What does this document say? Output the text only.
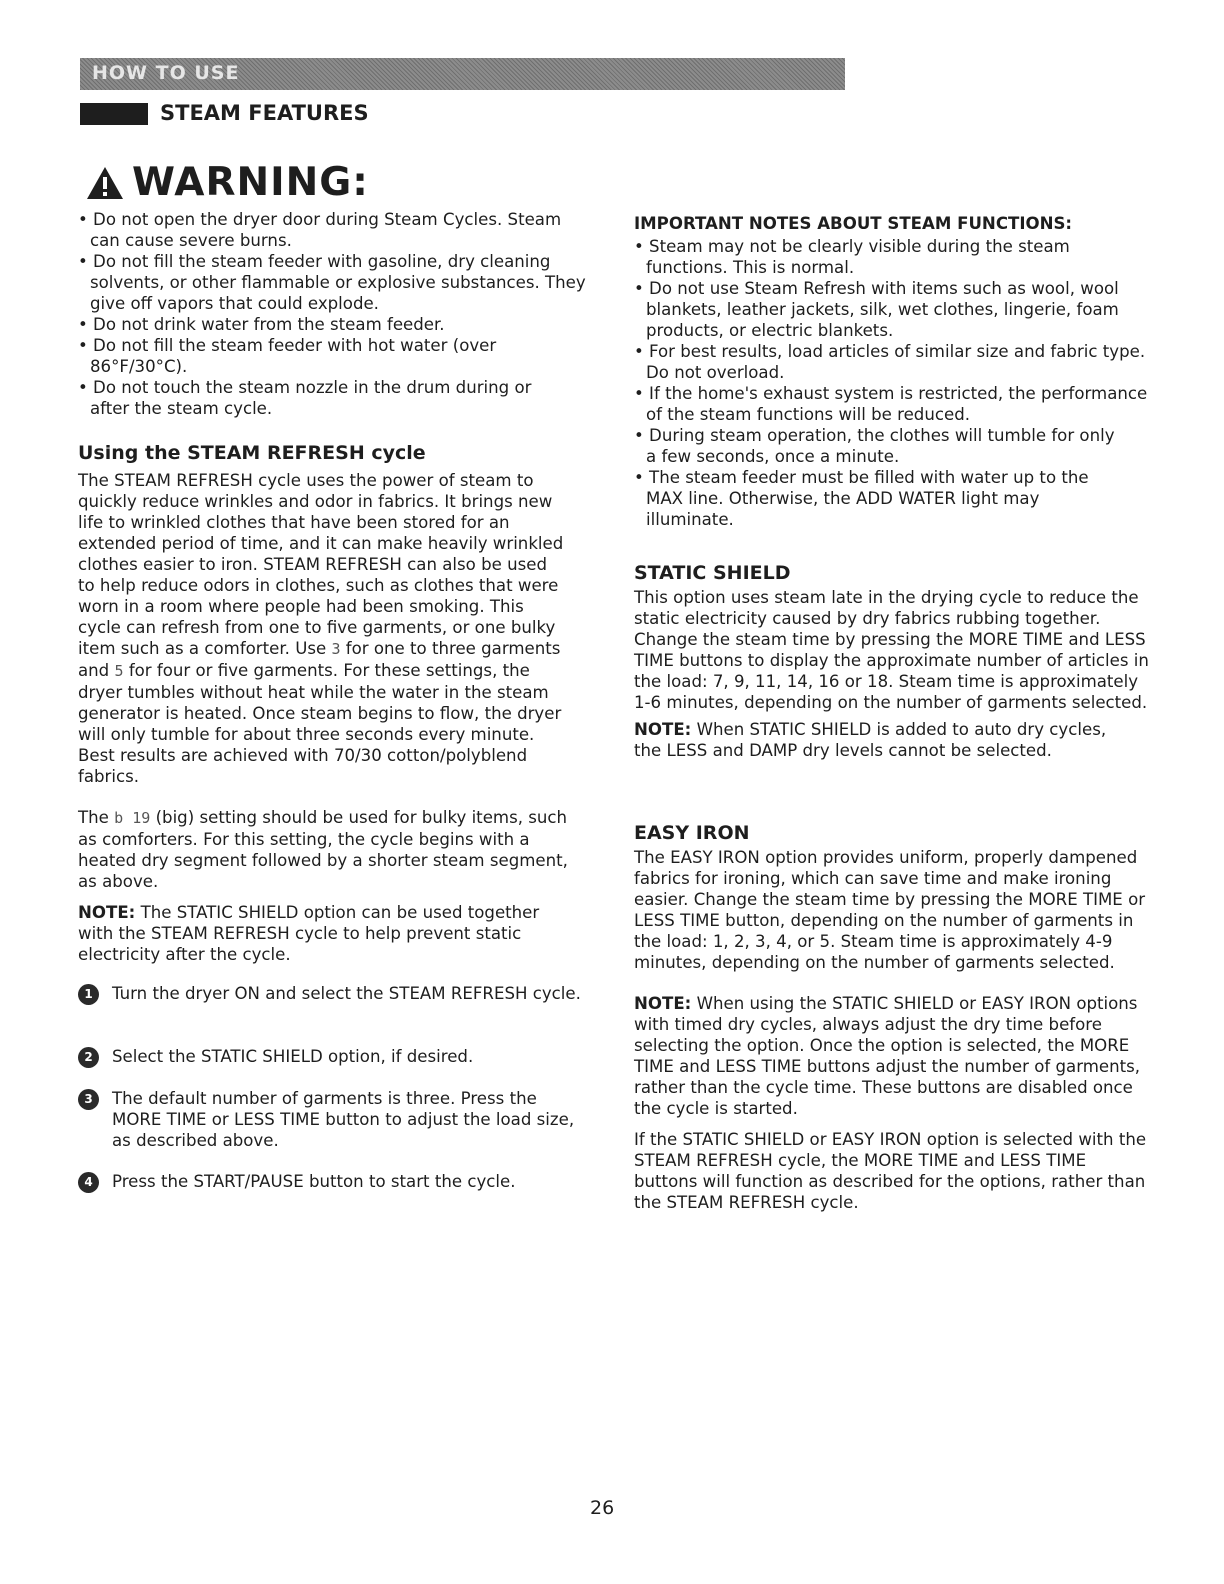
HOW TO USE
STEAM FEATURES
WARNING:

• Do not open the dryer door during Steam Cycles. Steam can cause severe burns.

• Do not fill the steam feeder with gasoline, dry cleaning solvents, or other flammable or explosive substances. They give off vapors that could explode.

• Do not drink water from the steam feeder.

• Do not fill the steam feeder with hot water (over 86°F/30°C).

• Do not touch the steam nozzle in the drum during or after the steam cycle.

Using the STEAM REFRESH cycle

The STEAM REFRESH cycle uses the power of steam to quickly reduce wrinkles and odor in fabrics. It brings new life to wrinkled clothes that have been stored for an extended period of time, and it can make heavily wrinkled clothes easier to iron. STEAM REFRESH can also be used to help reduce odors in clothes, such as clothes that were worn in a room where people had been smoking. This cycle can refresh from one to five garments, or one bulky item such as a comforter. Use 3 for one to three garments and 5 for four or five garments. For these settings, the dryer tumbles without heat while the water in the steam generator is heated. Once steam begins to flow, the dryer will only tumble for about three seconds every minute. Best results are achieved with 70/30 cotton/polyblend fabrics.

The b 19 (big) setting should be used for bulky items, such as comforters. For this setting, the cycle begins with a heated dry segment followed by a shorter steam segment, as above.

NOTE: The STATIC SHIELD option can be used together with the STEAM REFRESH cycle to help prevent static electricity after the cycle.

1	Turn the dryer ON and select the STEAM REFRESH cycle.
2	Select the STATIC SHIELD option, if desired.
3	The default number of garments is three. Press the MORE TIME or LESS TIME button to adjust the load size, as described above.
4	Press the START/PAUSE button to start the cycle.

IMPORTANT NOTES ABOUT STEAM FUNCTIONS:

• Steam may not be clearly visible during the steam functions. This is normal.

• Do not use Steam Refresh with items such as wool, wool blankets, leather jackets, silk, wet clothes, lingerie, foam products, or electric blankets.

• For best results, load articles of similar size and fabric type. Do not overload.

• If the home's exhaust system is restricted, the performance of the steam functions will be reduced.

• During steam operation, the clothes will tumble for only a few seconds, once a minute.

• The steam feeder must be filled with water up to the MAX line. Otherwise, the ADD WATER light may illuminate.

STATIC SHIELD

This option uses steam late in the drying cycle to reduce the static electricity caused by dry fabrics rubbing together. Change the steam time by pressing the MORE TIME and LESS TIME buttons to display the approximate number of articles in the load: 7, 9, 11, 14, 16 or 18. Steam time is approximately 1-6 minutes, depending on the number of garments selected.

NOTE: When STATIC SHIELD is added to auto dry cycles, the LESS and DAMP dry levels cannot be selected.

EASY IRON

The EASY IRON option provides uniform, properly dampened fabrics for ironing, which can save time and make ironing easier. Change the steam time by pressing the MORE TIME or LESS TIME button, depending on the number of garments in the load: 1, 2, 3, 4, or 5. Steam time is approximately 4-9 minutes, depending on the number of garments selected.

NOTE: When using the STATIC SHIELD or EASY IRON options with timed dry cycles, always adjust the dry time before selecting the option. Once the option is selected, the MORE TIME and LESS TIME buttons adjust the number of garments, rather than the cycle time. These buttons are disabled once the cycle is started.

If the STATIC SHIELD or EASY IRON option is selected with the STEAM REFRESH cycle, the MORE TIME and LESS TIME buttons will function as described for the options, rather than the STEAM REFRESH cycle.

26
